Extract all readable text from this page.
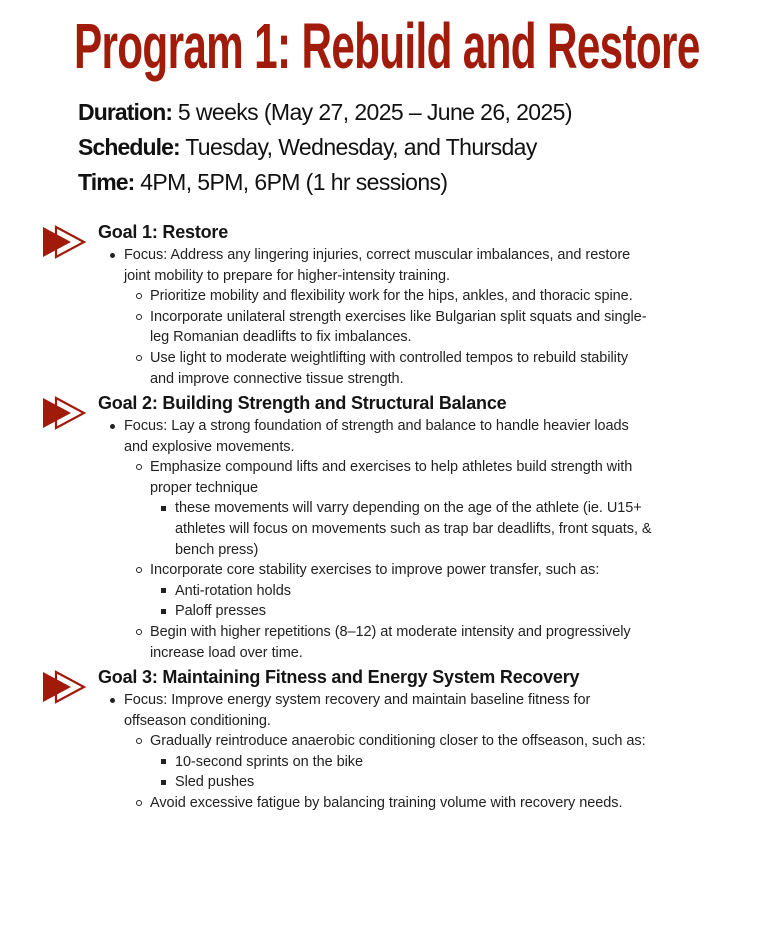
Program 1: Rebuild and Restore
Duration: 5 weeks (May 27, 2025 – June 26, 2025)
Schedule: Tuesday, Wednesday, and Thursday
Time: 4PM, 5PM, 6PM (1 hr sessions)
Goal 1: Restore
Focus: Address any lingering injuries, correct muscular imbalances, and restore
joint mobility to prepare for higher-intensity training.
Prioritize mobility and flexibility work for the hips, ankles, and thoracic spine.
Incorporate unilateral strength exercises like Bulgarian split squats and single-
leg Romanian deadlifts to fix imbalances.
Use light to moderate weightlifting with controlled tempos to rebuild stability
and improve connective tissue strength.
Goal 2: Building Strength and Structural Balance
Focus: Lay a strong foundation of strength and balance to handle heavier loads
and explosive movements.
Emphasize compound lifts and exercises to help athletes build strength with
proper technique
these movements will varry depending on the age of the athlete (ie. U15+
athletes will focus on movements such as trap bar deadlifts, front squats, &
bench press)
Incorporate core stability exercises to improve power transfer, such as:
Anti-rotation holds
Paloff presses
Begin with higher repetitions (8–12) at moderate intensity and progressively
increase load over time.
Goal 3: Maintaining Fitness and Energy System Recovery
Focus: Improve energy system recovery and maintain baseline fitness for
offseason conditioning.
Gradually reintroduce anaerobic conditioning closer to the offseason, such as:
10-second sprints on the bike
Sled pushes
Avoid excessive fatigue by balancing training volume with recovery needs.
